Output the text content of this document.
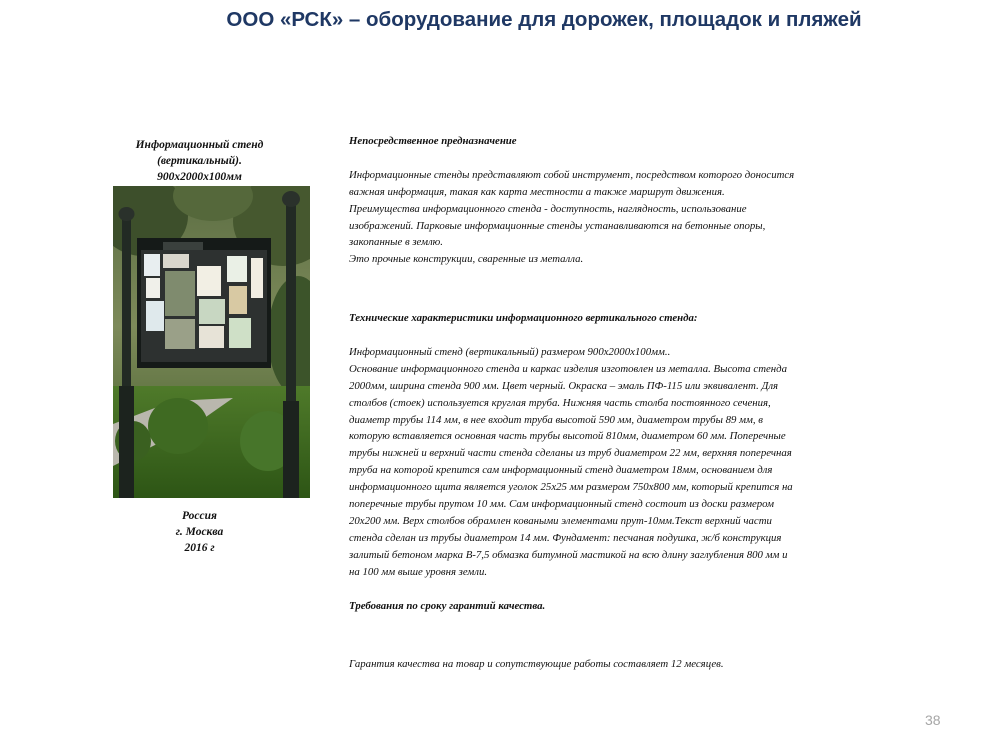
ООО «РСК» – оборудование для дорожек, площадок и пляжей
Информационный стенд
(вертикальный).
900х2000х100мм
Россия
г. Москва
2016 г
Непосредственное предназначение
Информационные стенды представляют собой инструмент, посредством которого доносится
важная информация, такая как карта местности а также маршрут движения.
Преимущества информационного стенда - доступность, наглядность, использование
изображений. Парковые информационные стенды устанавливаются на бетонные опоры,
закопанные в землю.
Это прочные конструкции, сваренные из металла.
Технические характеристики информационного вертикального стенда:
Информационный стенд (вертикальный) размером 900х2000х100мм..
Основание информационного стенда и каркас изделия изготовлен из металла. Высота стенда
2000мм, ширина стенда 900 мм. Цвет черный. Окраска – эмаль ПФ-115 или эквивалент. Для
столбов (стоек) используется круглая труба. Нижняя часть столба постоянного сечения,
диаметр трубы 114 мм, в нее входит труба высотой 590 мм, диаметром трубы 89 мм, в
которую вставляется основная часть трубы высотой 810мм, диаметром 60 мм. Поперечные
трубы нижней и верхний части стенда сделаны из труб диаметром 22 мм, верхняя поперечная
труба на которой крепится сам информационный стенд диаметром 18мм, основанием для
информационного щита является уголок 25х25 мм размером 750х800 мм, который крепится на
поперечные трубы прутом 10 мм. Сам информационный стенд состоит из доски размером
20х200 мм. Верх столбов обрамлен коваными элементами прут-10мм.Текст верхний части
стенда сделан из трубы диаметром 14 мм. Фундамент: песчаная подушка, ж/б конструкция
залитый бетоном марка В-7,5 обмазка битумной мастикой на всю длину заглубления 800 мм и
на 100 мм выше уровня земли.
Требования по сроку гарантий качества.
Гарантия качества на товар и сопутствующие работы составляет 12 месяцев.
38
